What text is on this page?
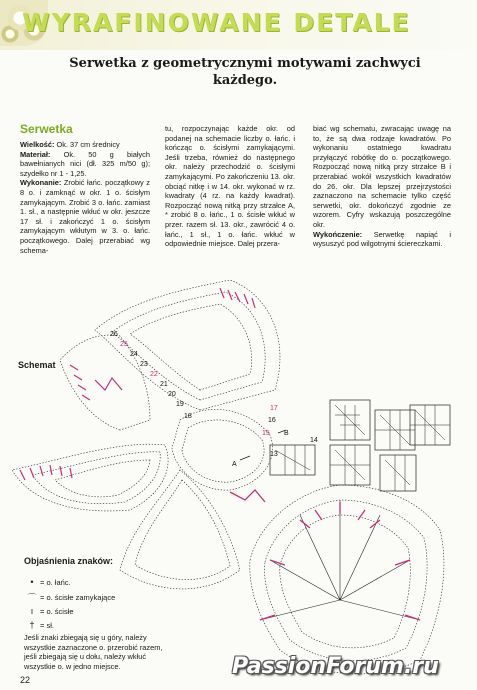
WYRAFINOWANE DETALE
Serwetka z geometrycznymi motywami zachwyci każdego.
Serwetka
Wielkość: Ok. 37 cm średnicy
Materiał: Ok. 50 g białych bawełnianych nici (dł. 325 m/50 g); szydełko nr 1 - 1,25.
Wykonanie: Zrobić łańc. początkowy z 8 o. i zamknąć w okr. 1 o. ścisłym zamykającym. Zrobić 3 o. łańc. zamiast 1. sł., a następnie wkłuć w okr. jeszcze 17 sł. i zakończyć 1 o. ścisłym zamykającym wkłutym w 3. o. łańc. początkowego. Dalej przerabiać wg schema-
tu, rozpoczynając każde okr. od podanej na schemacie liczby o. łańc. i kończąc o. ścisłymi zamykającymi. Jeśli trzeba, również do następnego okr. należy przechodzić o. ścisłymi zamykającymi. Po zakończeniu 13. okr. obciąć nitkę i w 14. okr. wykonać w rz. kwadraty (4 rz. na każdy kwadrat). Rozpocząć nową nitką przy strzałce A, * zrobić 8 o. łańc., 1 o. ścisłe wkłuć w przer. razem sł. 13. okr., zawrócić 4 o. łańc., 1 sł., 1 o. łańc. wkłuć w odpowiednie miejsce. Dalej przera-
biać wg schematu, zwracając uwagę na to, że są dwa rodzaje kwadratów. Po wykonaniu ostatniego kwadratu przyłączyć robótkę do o. początkowego. Rozpocząć nową nitką przy strzałce B i przerabiać wokół wszystkich kwadratów do 26. okr. Dla lepszej przejrzystości zaznaczono na schemacie tylko część serwetki, okr. dokończyć zgodnie ze wzorem. Cyfry wskazują poszczególne okr.
Wykończenie: Serwetkę napiąć i wysuszyć pod wilgotnymi ściereczkami.
Schemat
26
25
24
23
22
21
20
19
18
17
16
15
14
13
A
B
Objaśnienia znaków:
• = o. łańc.
⌒ = o. ścisłe zamykające
ı = o. ścisłe
† = sł.
Jeśli znaki zbiegają się u góry, należy wszystkie zaznaczone o. przerobić razem, jeśli zbiegają się u dołu, należy wkłuć wszystkie o. w jedno miejsce.
22
PassionForum.ru
